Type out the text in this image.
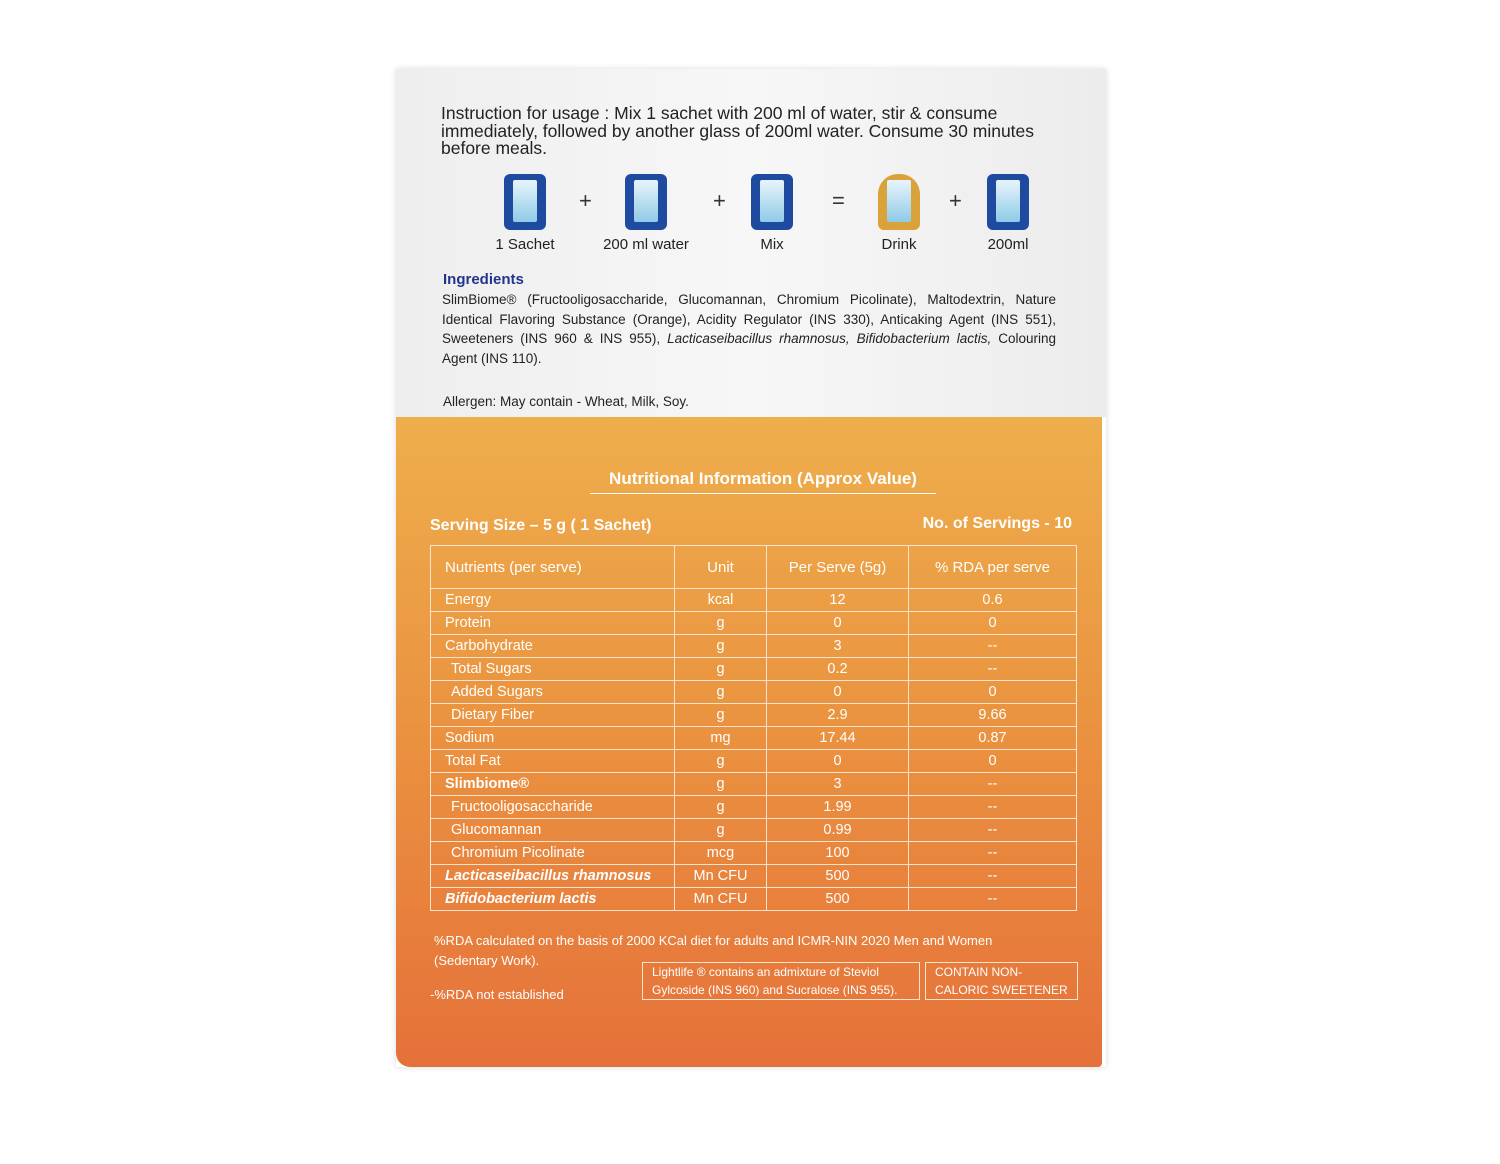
Instruction for usage : Mix 1 sachet with 200 ml of water, stir & consume immediately, followed by another glass of 200ml water. Consume 30 minutes before meals.
1 Sachet
+
200 ml water
+
Mix
=
Drink
+
200ml
Ingredients
SlimBiome® (Fructooligosaccharide, Glucomannan, Chromium Picolinate), Maltodextrin, Nature Identical Flavoring Substance (Orange), Acidity Regulator (INS 330), Anticaking Agent (INS 551), Sweeteners (INS 960 & INS 955), Lacticaseibacillus rhamnosus, Bifidobacterium lactis, Colouring Agent (INS 110).
Allergen: May contain - Wheat, Milk, Soy.
Nutritional Information (Approx Value)
Serving Size – 5 g ( 1 Sachet)	No. of Servings - 10
Nutrients (per serve)	Unit	Per Serve (5g)	% RDA per serve
Energy	kcal	12	0.6
Protein	g	0	0
Carbohydrate	g	3	--
Total Sugars	g	0.2	--
Added Sugars	g	0	0
Dietary Fiber	g	2.9	9.66
Sodium	mg	17.44	0.87
Total Fat	g	0	0
Slimbiome®	g	3	--
Fructooligosaccharide	g	1.99	--
Glucomannan	g	0.99	--
Chromium Picolinate	mcg	100	--
Lacticaseibacillus rhamnosus	Mn CFU	500	--
Bifidobacterium lactis	Mn CFU	500	--
%RDA calculated on the basis of 2000 KCal diet for adults and ICMR-NIN 2020 Men and Women (Sedentary Work).
-%RDA not established
Lightlife ® contains an admixture of Steviol Gylcoside (INS 960) and Sucralose (INS 955).
CONTAIN NON-CALORIC SWEETENER
